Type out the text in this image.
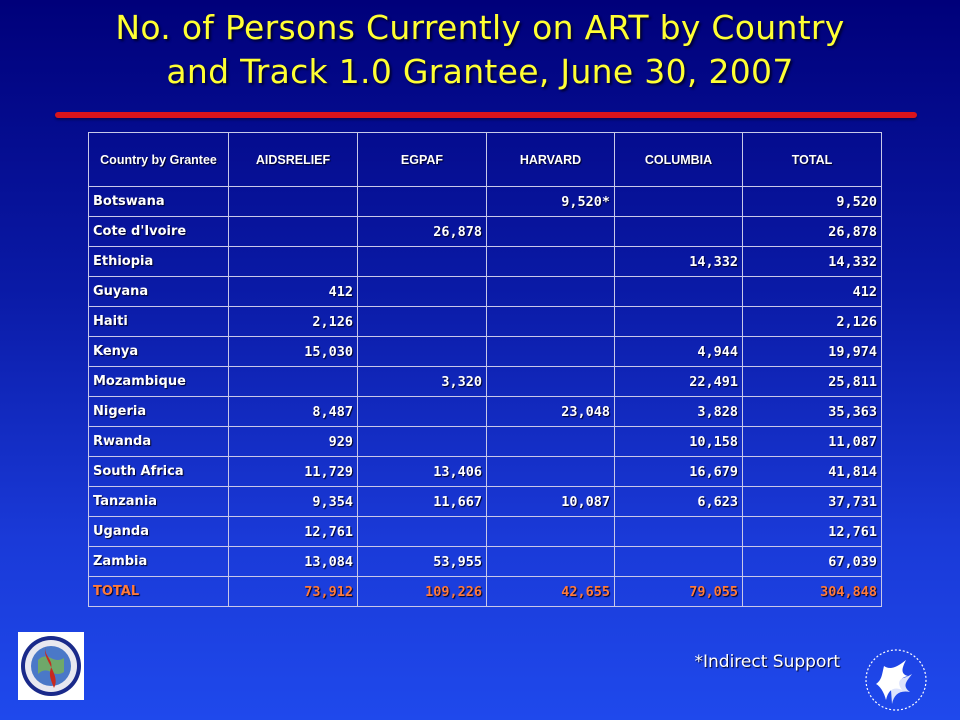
No. of Persons Currently on ART by Country
and Track 1.0 Grantee, June 30, 2007
Country by Grantee	AIDSRELIEF	EGPAF	HARVARD	COLUMBIA	TOTAL
Botswana			9,520*		9,520
Cote d'Ivoire		26,878			26,878
Ethiopia				14,332	14,332
Guyana	412				412
Haiti	2,126				2,126
Kenya	15,030			4,944	19,974
Mozambique		3,320		22,491	25,811
Nigeria	8,487		23,048	3,828	35,363
Rwanda	929			10,158	11,087
South Africa	11,729	13,406		16,679	41,814
Tanzania	9,354	11,667	10,087	6,623	37,731
Uganda	12,761				12,761
Zambia	13,084	53,955			67,039
TOTAL	73,912	109,226	42,655	79,055	304,848
*Indirect Support
